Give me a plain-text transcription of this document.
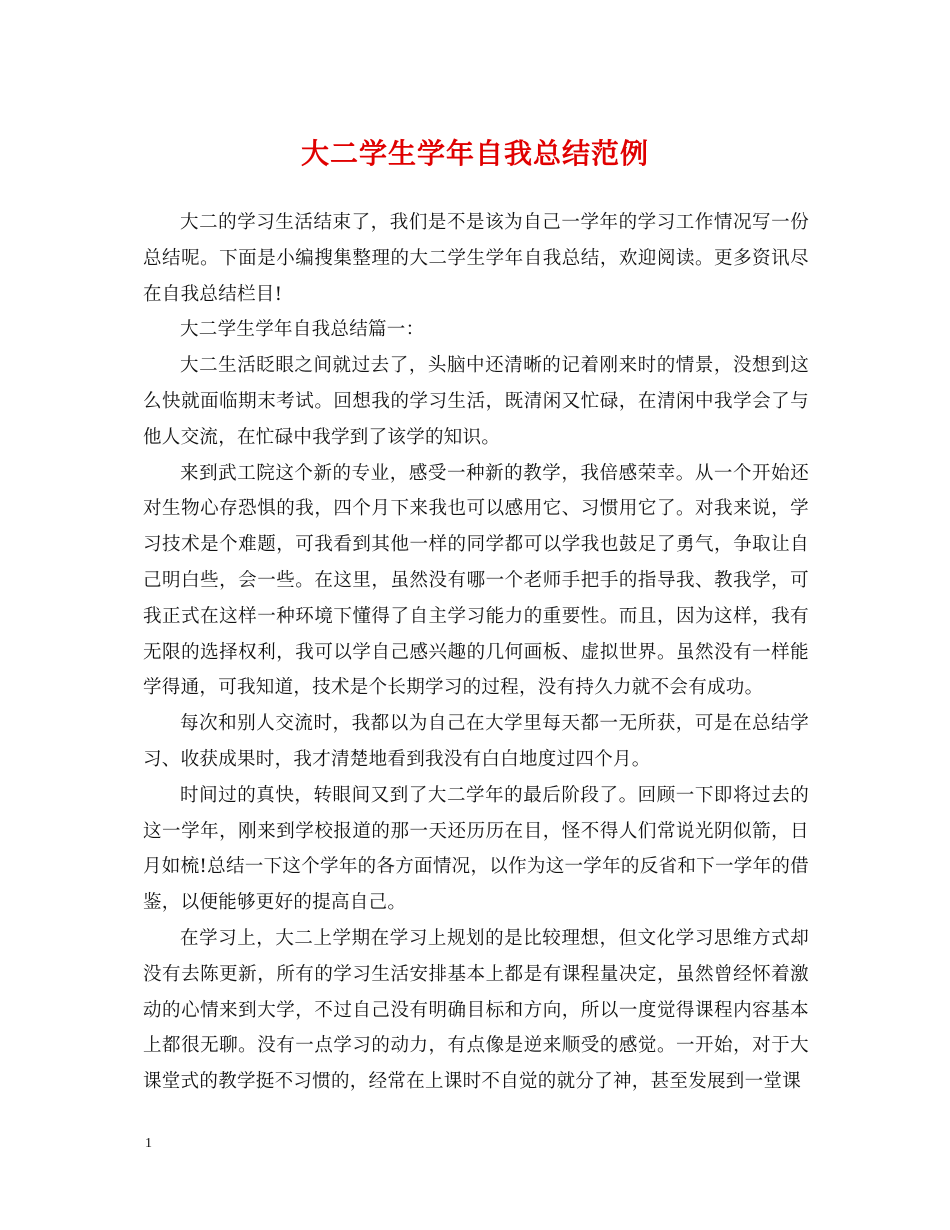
大二学生学年自我总结范例

大二的学习生活结束了，我们是不是该为自己一学年的学习工作情况写一份总结呢。下面是小编搜集整理的大二学生学年自我总结，欢迎阅读。更多资讯尽在自我总结栏目!

大二学生学年自我总结篇一：

大二生活眨眼之间就过去了，头脑中还清晰的记着刚来时的情景，没想到这么快就面临期末考试。回想我的学习生活，既清闲又忙碌，在清闲中我学会了与他人交流，在忙碌中我学到了该学的知识。

来到武工院这个新的专业，感受一种新的教学，我倍感荣幸。从一个开始还对生物心存恐惧的我，四个月下来我也可以感用它、习惯用它了。对我来说，学习技术是个难题，可我看到其他一样的同学都可以学我也鼓足了勇气，争取让自己明白些，会一些。在这里，虽然没有哪一个老师手把手的指导我、教我学，可我正式在这样一种环境下懂得了自主学习能力的重要性。而且，因为这样，我有无限的选择权利，我可以学自己感兴趣的几何画板、虚拟世界。虽然没有一样能学得通，可我知道，技术是个长期学习的过程，没有持久力就不会有成功。

每次和别人交流时，我都以为自己在大学里每天都一无所获，可是在总结学习、收获成果时，我才清楚地看到我没有白白地度过四个月。

时间过的真快，转眼间又到了大二学年的最后阶段了。回顾一下即将过去的这一学年，刚来到学校报道的那一天还历历在目，怪不得人们常说光阴似箭，日月如梳!总结一下这个学年的各方面情况，以作为这一学年的反省和下一学年的借鉴，以便能够更好的提高自己。

在学习上，大二上学期在学习上规划的是比较理想，但文化学习思维方式却没有去陈更新，所有的学习生活安排基本上都是有课程量决定，虽然曾经怀着激动的心情来到大学，不过自己没有明确目标和方向，所以一度觉得课程内容基本上都很无聊。没有一点学习的动力，有点像是逆来顺受的感觉。一开始，对于大课堂式的教学挺不习惯的，经常在上课时不自觉的就分了神，甚至发展到一堂课

1
